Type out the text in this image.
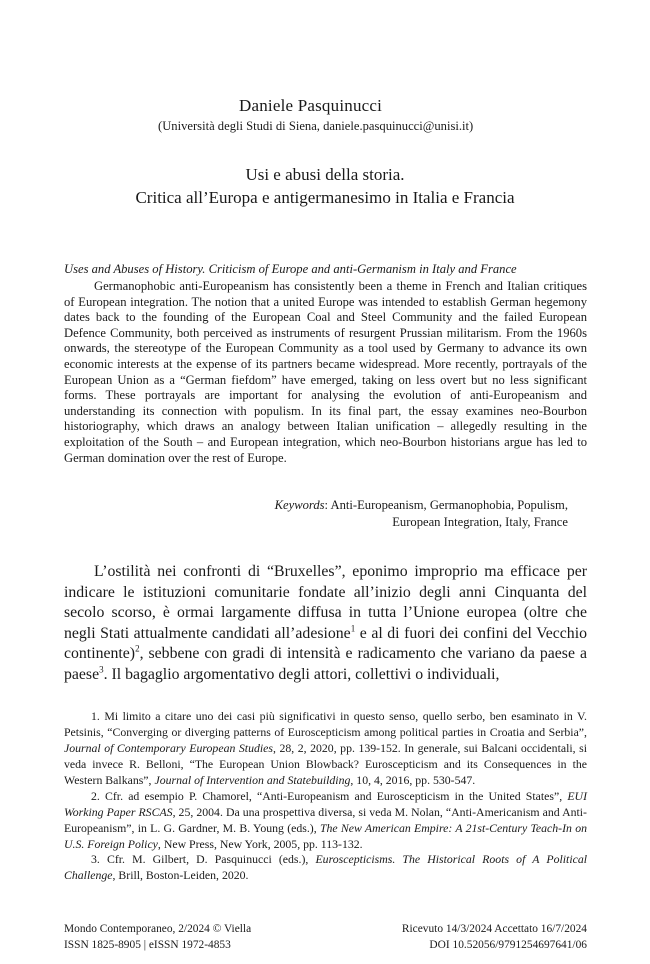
Daniele Pasquinucci
(Università degli Studi di Siena, daniele.pasquinucci@unisi.it)
Usi e abusi della storia.
Critica all’Europa e antigermanesimo in Italia e Francia
Uses and Abuses of History. Criticism of Europe and anti-Germanism in Italy and France

Germanophobic anti-Europeanism has consistently been a theme in French and Italian critiques of European integration. The notion that a united Europe was intended to establish German hegemony dates back to the founding of the European Coal and Steel Community and the failed European Defence Community, both perceived as instruments of resurgent Prussian militarism. From the 1960s onwards, the stereotype of the European Community as a tool used by Germany to advance its own economic interests at the expense of its partners became widespread. More recently, portrayals of the European Union as a “German fiefdom” have emerged, taking on less overt but no less significant forms. These portrayals are important for analysing the evolution of anti-Europeanism and understanding its connection with populism. In its final part, the essay examines neo-Bourbon historiography, which draws an analogy between Italian unification – allegedly resulting in the exploitation of the South – and European integration, which neo-Bourbon historians argue has led to German domination over the rest of Europe.

Keywords: Anti-Europeanism, Germanophobia, Populism,
European Integration, Italy, France

L’ostilità nei confronti di “Bruxelles”, eponimo improprio ma efficace per indicare le istituzioni comunitarie fondate all’inizio degli anni Cinquanta del secolo scorso, è ormai largamente diffusa in tutta l’Unione europea (oltre che negli Stati attualmente candidati all’adesione$^1$ e al di fuori dei confini del Vecchio continente)$^2$, sebbene con gradi di intensità e radicamento che variano da paese a paese$^3$. Il bagaglio argomentativo degli attori, collettivi o individuali,

1. Mi limito a citare uno dei casi più significativi in questo senso, quello serbo, ben esaminato in V. Petsinis, “Converging or diverging patterns of Euroscepticism among political parties in Croatia and Serbia”, Journal of Contemporary European Studies, 28, 2, 2020, pp. 139-152. In generale, sui Balcani occidentali, si veda invece R. Belloni, “The European Union Blowback? Euroscepticism and its Consequences in the Western Balkans”, Journal of Intervention and Statebuilding, 10, 4, 2016, pp. 530-547.

2. Cfr. ad esempio P. Chamorel, “Anti-Europeanism and Euroscepticism in the United States”, EUI Working Paper RSCAS, 25, 2004. Da una prospettiva diversa, si veda M. Nolan, “Anti-Americanism and Anti-Europeanism”, in L. G. Gardner, M. B. Young (eds.), The New American Empire: A 21st-Century Teach-In on U.S. Foreign Policy, New Press, New York, 2005, pp. 113-132.

3. Cfr. M. Gilbert, D. Pasquinucci (eds.), Euroscepticisms. The Historical Roots of A Political Challenge, Brill, Boston-Leiden, 2020.

Mondo Contemporaneo, 2/2024 © Viella
ISSN 1825-8905 | eISSN 1972-4853
Ricevuto 14/3/2024 Accettato 16/7/2024
DOI 10.52056/9791254697641/06
